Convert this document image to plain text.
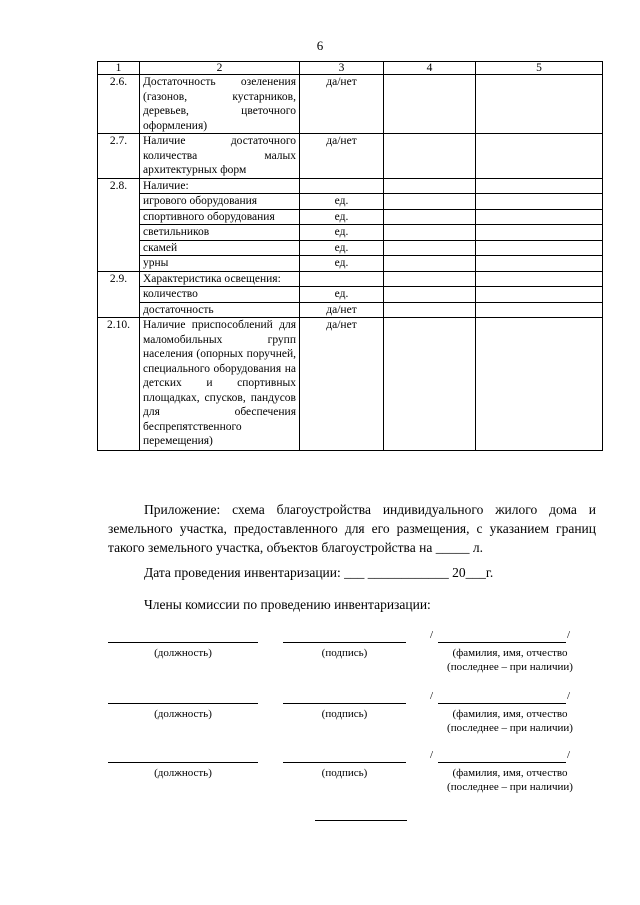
6
1	2	3	4	5
2.6.	Достаточность озеленения (газонов, кустарников, деревьев, цветочного оформления)	да/нет		
2.7.	Наличие достаточного количества малых архитектурных форм	да/нет		
2.8.	Наличие:			
	игрового оборудования	ед.		
	спортивного оборудования	ед.		
	светильников	ед.		
	скамей	ед.		
	урны	ед.		
2.9.	Характеристика освещения:			
	количество	ед.		
	достаточность	да/нет		
2.10.	Наличие приспособлений для маломобильных групп населения (опорных поручней, специального оборудования на детских и спортивных площадках, спусков, пандусов для обеспечения беспрепятственного перемещения)	да/нет		
Приложение: схема благоустройства индивидуального жилого дома и земельного участка, предоставленного для его размещения, с указанием границ такого земельного участка, объектов благоустройства на _____ л.
Дата проведения инвентаризации: ___ ____________ 20___г.
Члены комиссии по проведению инвентаризации:
/	/
(должность)	(подпись)	(фамилия, имя, отчество
(последнее – при наличии)
/	/
(должность)	(подпись)	(фамилия, имя, отчество
(последнее – при наличии)
/	/
(должность)	(подпись)	(фамилия, имя, отчество
(последнее – при наличии)
